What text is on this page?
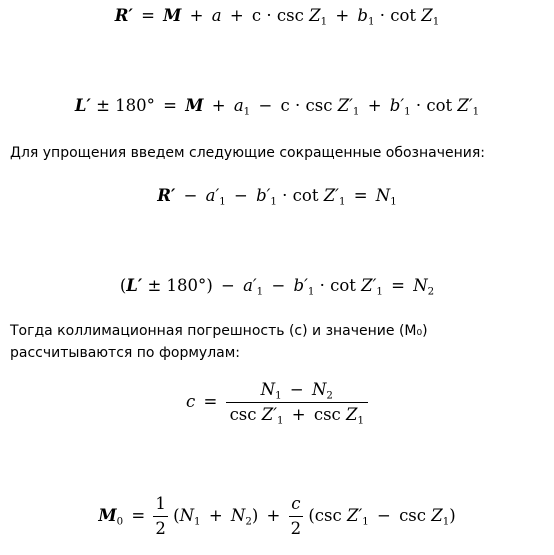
$R' = M + a + c \cdot \csc Z_1 + b_1 \cdot \cot Z_1$
$L' \pm 180^\circ = M + a_1 - c \cdot \csc Z'_1 + b'_1 \cdot \cot Z'_1$
Для упрощения введем следующие сокращенные обозначения:
$R' - a'_1 - b'_1 \cdot \cot Z'_1 = N_1$
$(L' \pm 180^\circ) - a'_1 - b'_1 \cdot \cot Z'_1 = N_2$
Тогда коллимационная погрешность (c) и значение (M₀) рассчитываются по формулам:
$c = \frac{N_1 - N_2}{\csc Z'_1 + \csc Z_1}$
$M_0 = \frac{1}{2} (N_1 + N_2) + \frac{c}{2} (\csc$ $Z'_1 - \csc Z_1$)
